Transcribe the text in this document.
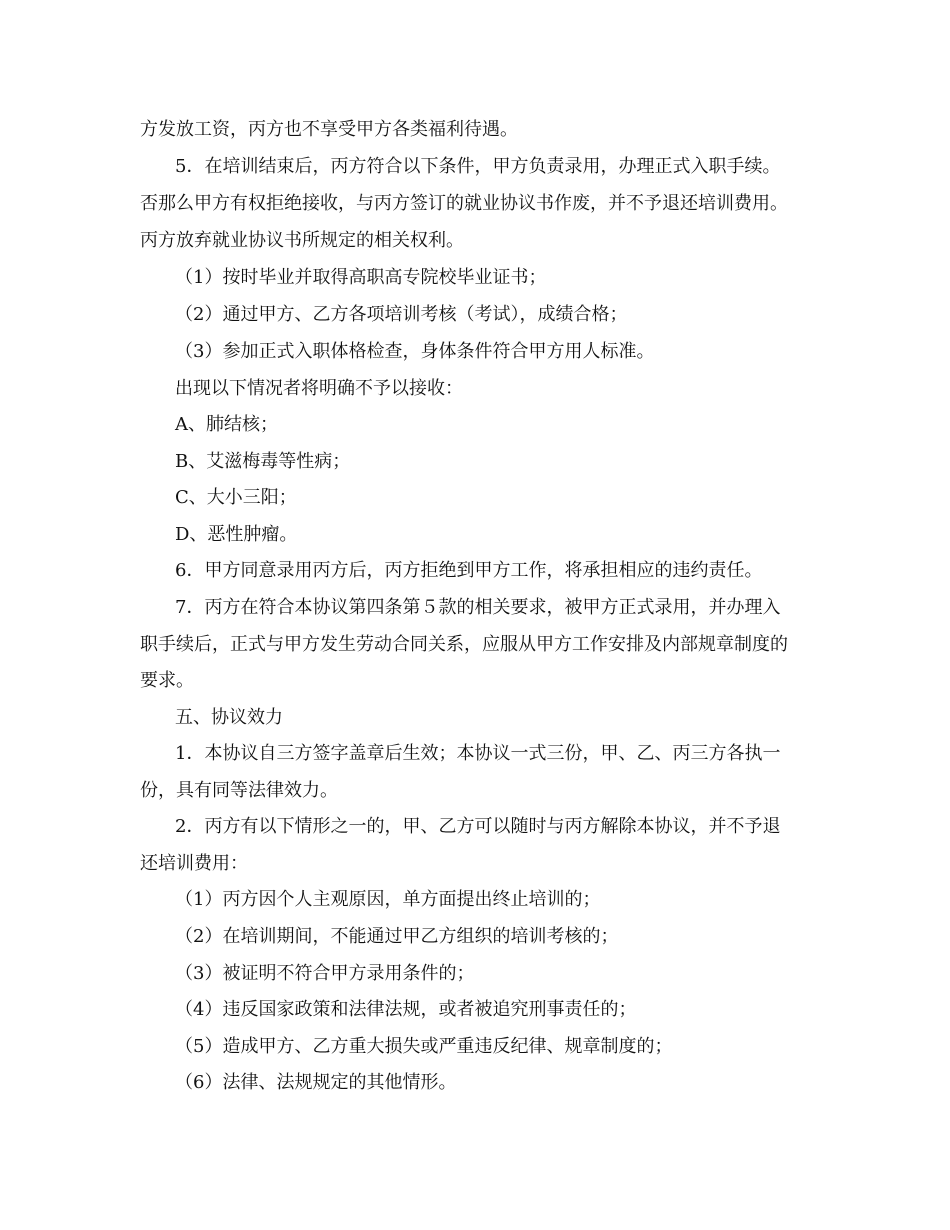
方发放工资，丙方也不享受甲方各类福利待遇。

5．在培训结束后，丙方符合以下条件，甲方负责录用，办理正式入职手续。

否那么甲方有权拒绝接收，与丙方签订的就业协议书作废，并不予退还培训费用。

丙方放弃就业协议书所规定的相关权利。

（1）按时毕业并取得高职高专院校毕业证书；

（2）通过甲方、乙方各项培训考核（考试），成绩合格；

（3）参加正式入职体格检查，身体条件符合甲方用人标准。

出现以下情况者将明确不予以接收：

A、肺结核；

B、艾滋梅毒等性病；

C、大小三阳；

D、恶性肿瘤。

6．甲方同意录用丙方后，丙方拒绝到甲方工作，将承担相应的违约责任。

7．丙方在符合本协议第四条第５款的相关要求，被甲方正式录用，并办理入

职手续后，正式与甲方发生劳动合同关系，应服从甲方工作安排及内部规章制度的

要求。

五、协议效力

1．本协议自三方签字盖章后生效；本协议一式三份，甲、乙、丙三方各执一

份，具有同等法律效力。

2．丙方有以下情形之一的，甲、乙方可以随时与丙方解除本协议，并不予退

还培训费用：

（1）丙方因个人主观原因，单方面提出终止培训的；

（2）在培训期间，不能通过甲乙方组织的培训考核的；

（3）被证明不符合甲方录用条件的；

（4）违反国家政策和法律法规，或者被追究刑事责任的；

（5）造成甲方、乙方重大损失或严重违反纪律、规章制度的；

（6）法律、法规规定的其他情形。
